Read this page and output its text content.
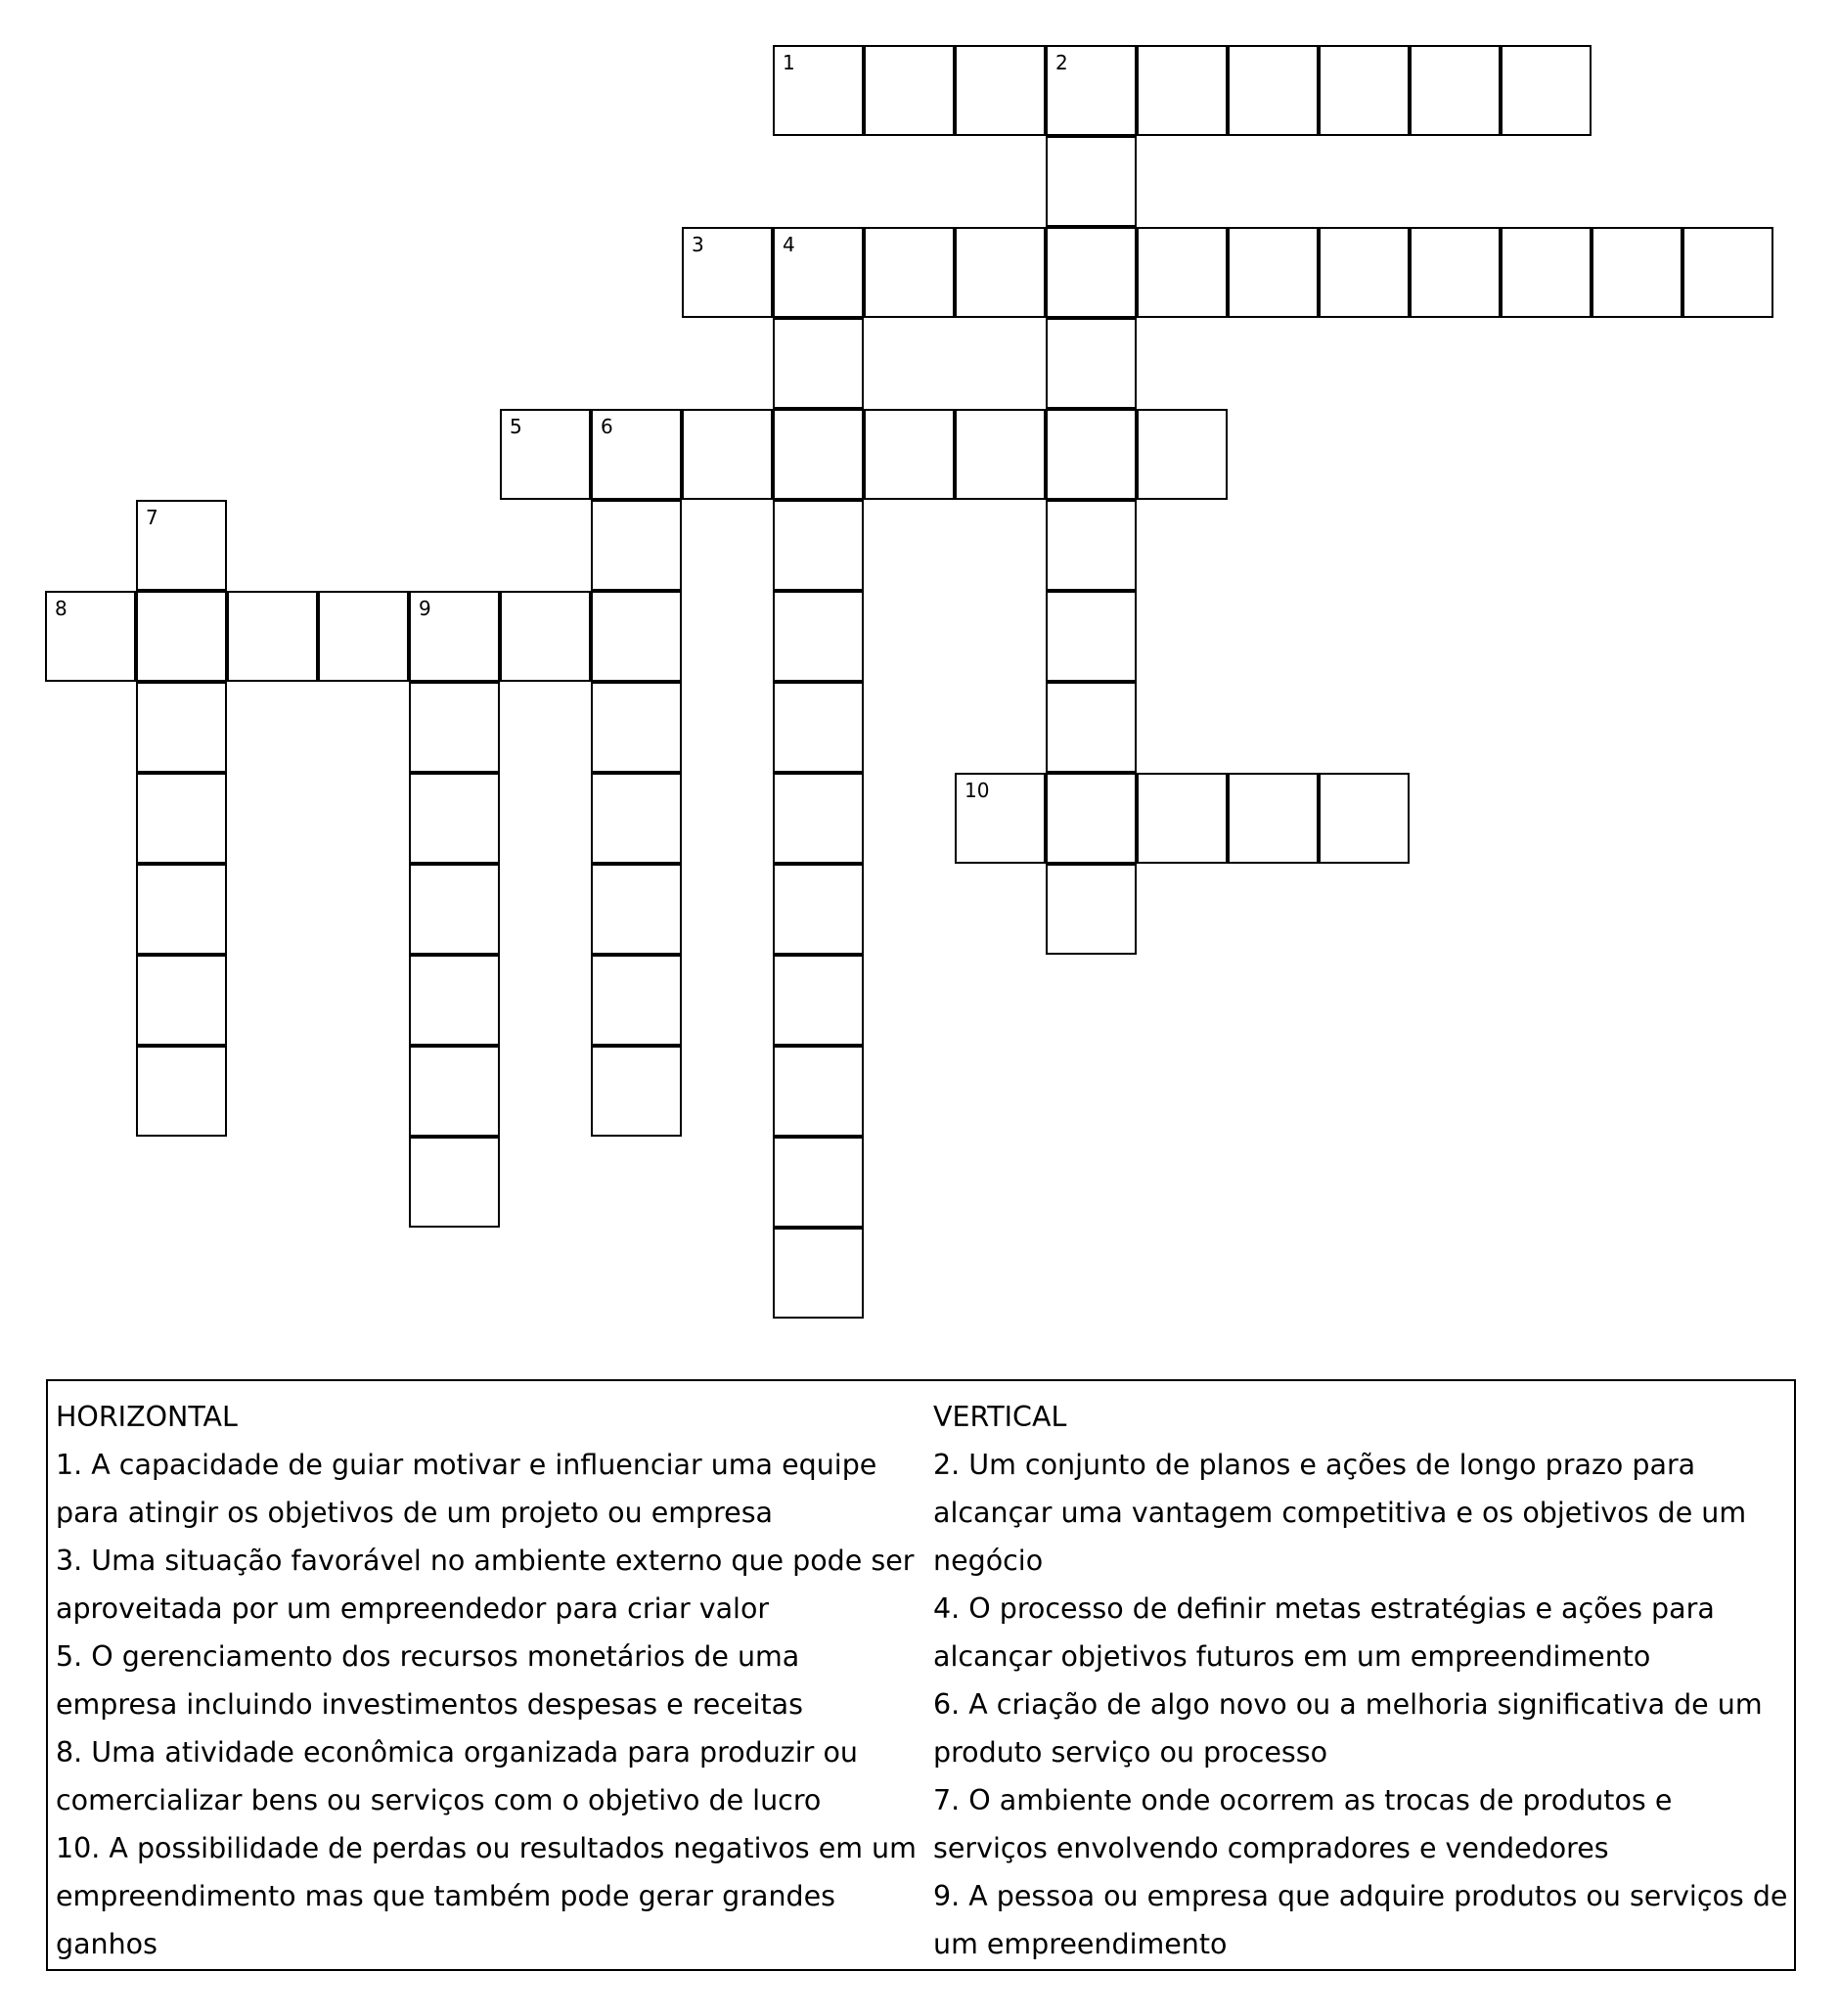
1	2
3	4
5	6
7
8	9
10
HORIZONTAL
1. A capacidade de guiar motivar e influenciar uma equipe para atingir os objetivos de um projeto ou empresa
3. Uma situação favorável no ambiente externo que pode ser aproveitada por um empreendedor para criar valor
5. O gerenciamento dos recursos monetários de uma empresa incluindo investimentos despesas e receitas
8. Uma atividade econômica organizada para produzir ou comercializar bens ou serviços com o objetivo de lucro
10. A possibilidade de perdas ou resultados negativos em um empreendimento mas que também pode gerar grandes ganhos
VERTICAL
2. Um conjunto de planos e ações de longo prazo para alcançar uma vantagem competitiva e os objetivos de um negócio
4. O processo de definir metas estratégias e ações para alcançar objetivos futuros em um empreendimento
6. A criação de algo novo ou a melhoria significativa de um produto serviço ou processo
7. O ambiente onde ocorrem as trocas de produtos e serviços envolvendo compradores e vendedores
9. A pessoa ou empresa que adquire produtos ou serviços de um empreendimento
